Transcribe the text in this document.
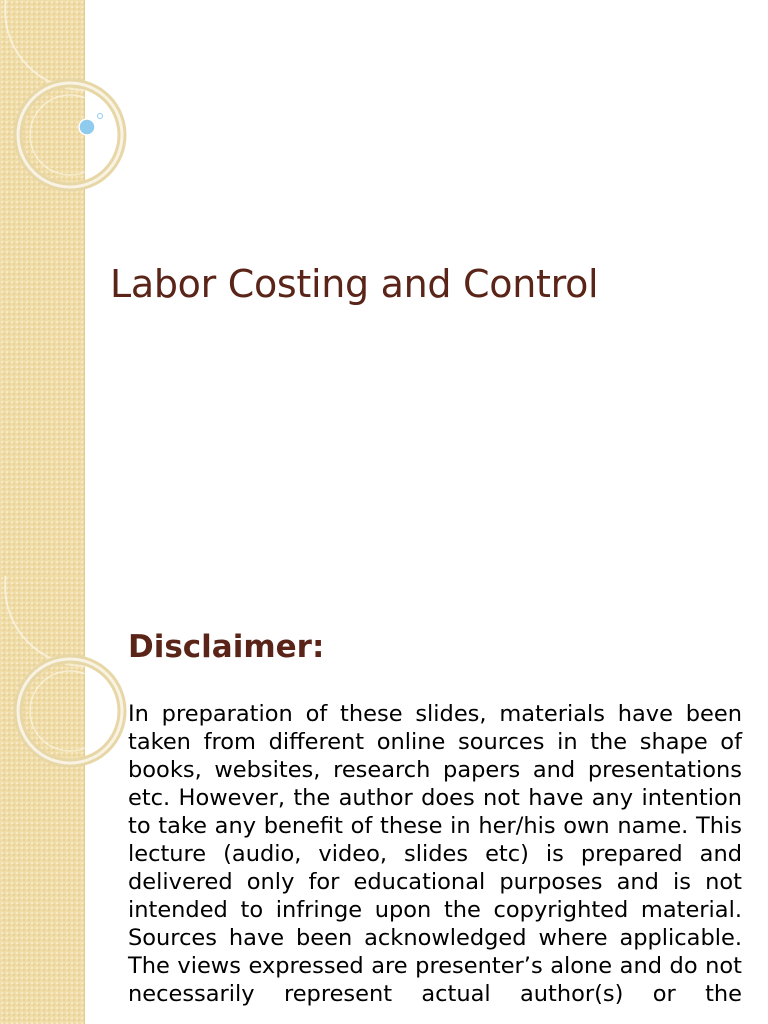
Labor Costing and Control
Disclaimer:

In preparation of these slides, materials have been taken from different online sources in the shape of books, websites, research papers and presentations etc. However, the author does not have any intention to take any benefit of these in her/his own name. This lecture (audio, video, slides etc) is prepared and delivered only for educational purposes and is not intended to infringe upon the copyrighted material. Sources have been acknowledged where applicable. The views expressed are presenter’s alone and do not necessarily represent actual author(s) or the
